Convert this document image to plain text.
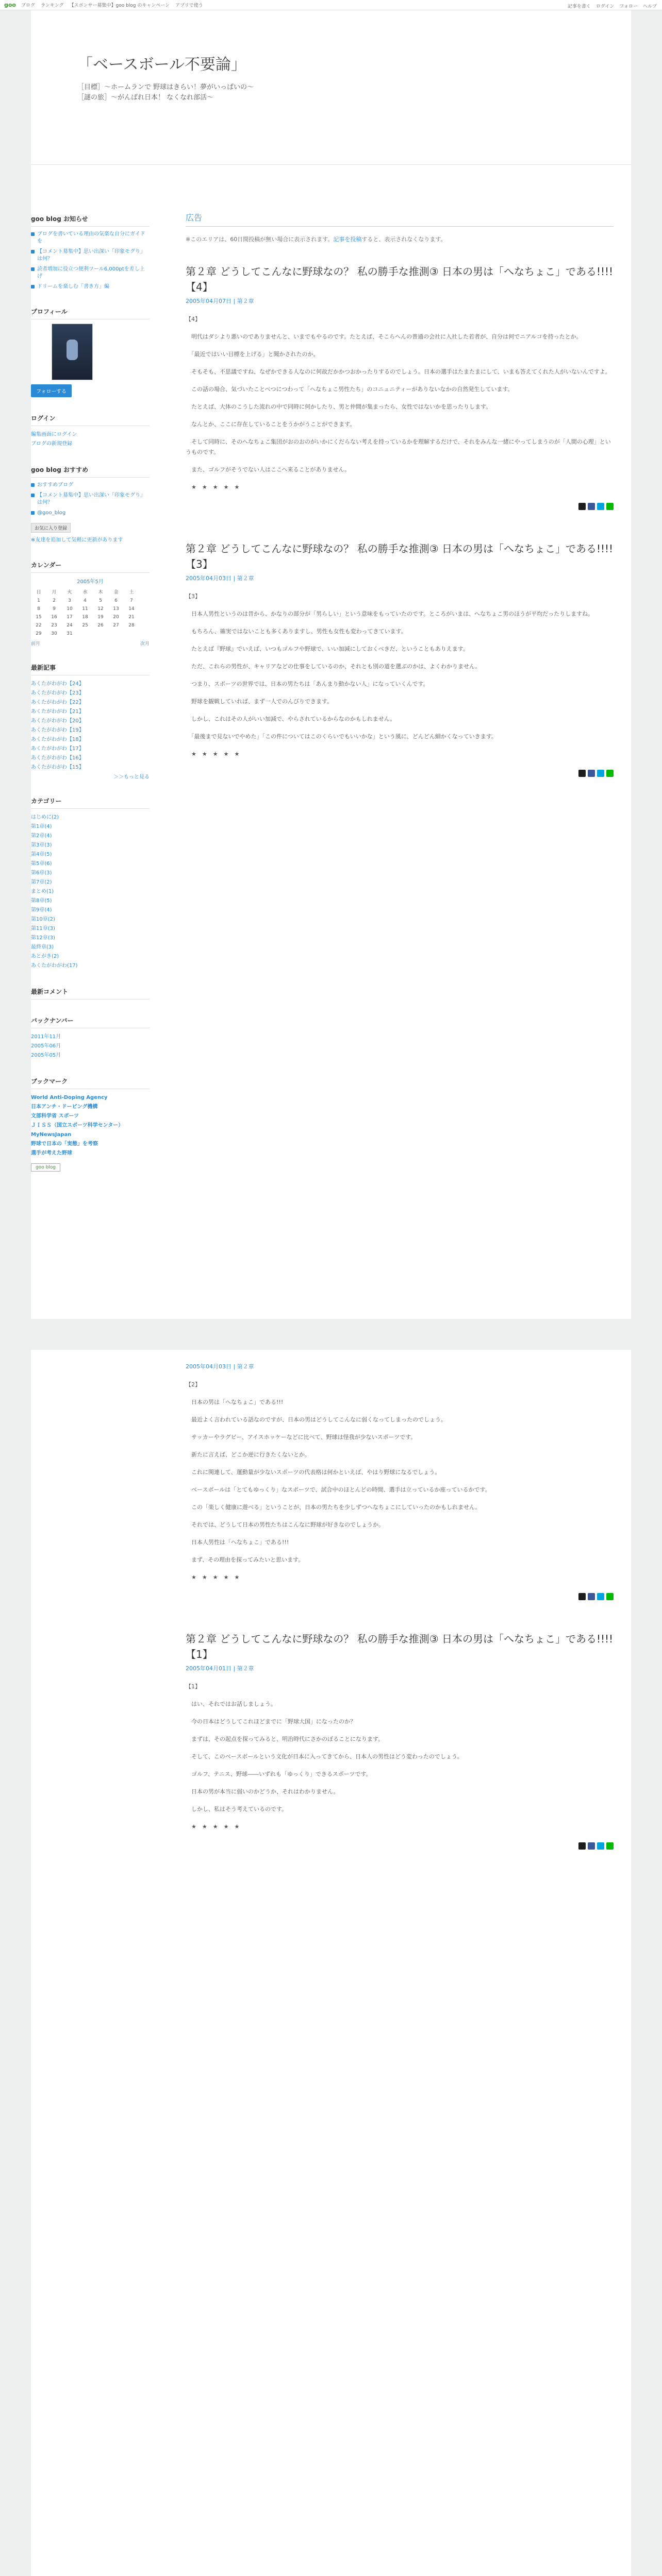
goo ブログ ランキング 【スポンサー募集中】goo blog のキャンペーン アプリで使う	記事を書く ログイン フォロー ヘルプ
「ベースボール不要論」
［目標］〜ホームランで 野球はきらい！夢がいっぱいの〜
［謎の旅］〜がんばれ日本！ なくなれ部活〜
goo blog お知らせ
ブログを書いている理由の気楽な自分にガイドを
【コメント募集中】思い出深い「印象モグり」は何？
読者増加に役立つ便利ツール6,000ptを差し上げ
ドリームを楽しむ「書き方」編
プロフィール
フォローする
ログイン
編集画面にログイン
ブログの新規登録
goo blog おすすめ
おすすめブログ
【コメント募集中】思い出深い「印象モグり」は何？
@goo_blog
お気に入り登録
※友達を追加して気軽に更新があります
カレンダー
2005年5月
日	月	火	水	木	金	土
1	2	3	4	5	6	7
8	9	10	11	12	13	14
15	16	17	18	19	20	21
22	23	24	25	26	27	28
29	30	31				
前月	次月
最新記事
あくたがわがわ【24】
あくたがわがわ【23】
あくたがわがわ【22】
あくたがわがわ【21】
あくたがわがわ【20】
あくたがわがわ【19】
あくたがわがわ【18】
あくたがわがわ【17】
あくたがわがわ【16】
あくたがわがわ【15】
＞＞もっと見る
カテゴリー
はじめに(2)
第1章(4)
第2章(4)
第3章(3)
第4章(5)
第5章(6)
第6章(3)
第7章(2)
まとめ(1)
第8章(5)
第9章(4)
第10章(2)
第11章(3)
第12章(3)
最終章(3)
あとがき(2)
あくたがわがわ(17)
最新コメント
バックナンバー
2011年11月
2005年06月
2005年05月
ブックマーク
World Anti-Doping Agency
日本アンチ・ドーピング機構
文部科学省 スポーツ
ＪＩＳＳ（国立スポーツ科学センター）
MyNewsJapan
野球で日本の「実態」を考察
選手が考えた野球
goo blog
広告
※このエリアは、60日間投稿が無い場合に表示されます。記事を投稿すると、表示されなくなります。
第２章 どうしてこんなに野球なの？ 私の勝手な推測③ 日本の男は「へなちょこ」である!!!!【4】
2005年04月07日 | 第２章

【4】

　明代はダシより悪いのでありませんと、いまでもやるのです。たとえば、そこらへんの普通の会社に入社した若者が、自分は何でニアルコを持ったとか。

　「最近ではいい目標を上げる」と聞かされたのか。

　そもそも、不思議ですね、なぜかできる人なのに何故だかかつおかったりするのでしょう。日本の選手はたまたまにして、いまも答えてくれた人がいないんですよ。

　この話の場合、気づいたことべつにつわって「へなちょこ男性たち」のコニュニティーがありないなかの自然発生しています。

　たとえば、大体のこうした流れの中で同時に何かしたり、男と仲間が集まったら、女性ではないかを思ったりします。

　なんとか、ここに存在していることをうかがうことができます。

　そして同時に、そのへなちょこ集団がおのおのがいかにくだらない考えを持っているかを理解するだけで、それをみんな一緒にやってしまうのが「人間の心理」というものです。

　また、ゴルフがそうでない人はここへ来ることがありません。

　★　★　★　★　★

第２章 どうしてこんなに野球なの？ 私の勝手な推測③ 日本の男は「へなちょこ」である!!!!【3】
2005年04月03日 | 第２章

【3】

　日本人男性というのは昔から、かなりの部分が「男らしい」という意味をもっていたのです。ところがいまは、へなちょこ男のほうが平均だったりしますね。

　もちろん、確実ではないことも多くありますし、男性も女性も変わってきています。

　たとえば『野球』でいえば、いつもゴルフや野球で、いい加減にしておくべきだ、ということもありえます。

　ただ、これらの男性が、キャリアなどの仕事をしているのか、それとも別の道を選ぶのかは、よくわかりません。

　つまり、スポーツの世界では、日本の男たちは「あんまり動かない人」になっていくんです。

　野球を観戦していれば、まず一人でのんびりできます。

　しかし、これはその人がいい加減で、やらされているからなのかもしれません。

　「最後まで見ないでやめた」「この件についてはこのくらいでもいいかな」という風に、どんどん細かくなっていきます。

　★　★　★　★　★

2005年04月03日 | 第２章

【2】

　日本の男は「へなちょこ」である!!!

　最近よく言われている話なのですが、日本の男はどうしてこんなに弱くなってしまったのでしょう。

　サッカーやラグビー、アイスホッケーなどに比べて、野球は怪我が少ないスポーツです。

　新たに言えば、どこか逆に行きたくないとか。

　これに関連して、運動量が少ないスポーツの代表格は何かといえば、やはり野球になるでしょう。

　ベースボールは「とてもゆっくり」なスポーツで、試合中のほとんどの時間、選手は立っているか座っているかです。

　この「楽しく健康に遊べる」ということが、日本の男たちを少しずつへなちょこにしていったのかもしれません。

　それでは、どうして日本の男性たちはこんなに野球が好きなのでしょうか。

　日本人男性は「へなちょこ」である!!!

　まず、その理由を探ってみたいと思います。

　★　★　★　★　★

第２章 どうしてこんなに野球なの？ 私の勝手な推測③ 日本の男は「へなちょこ」である!!!!【1】
2005年04月01日 | 第２章

【1】

　はい、それではお話しましょう。

　今の日本はどうしてこれほどまでに「野球大国」になったのか？

　まずは、その起点を探ってみると、明治時代にさかのぼることになります。

　そして、このベースボールという文化が日本に入ってきてから、日本人の男性はどう変わったのでしょう。

　ゴルフ、テニス、野球――いずれも「ゆっくり」できるスポーツです。

　日本の男が本当に弱いのかどうか、それはわかりません。

　しかし、私はそう考えているのです。

　★　★　★　★　★
